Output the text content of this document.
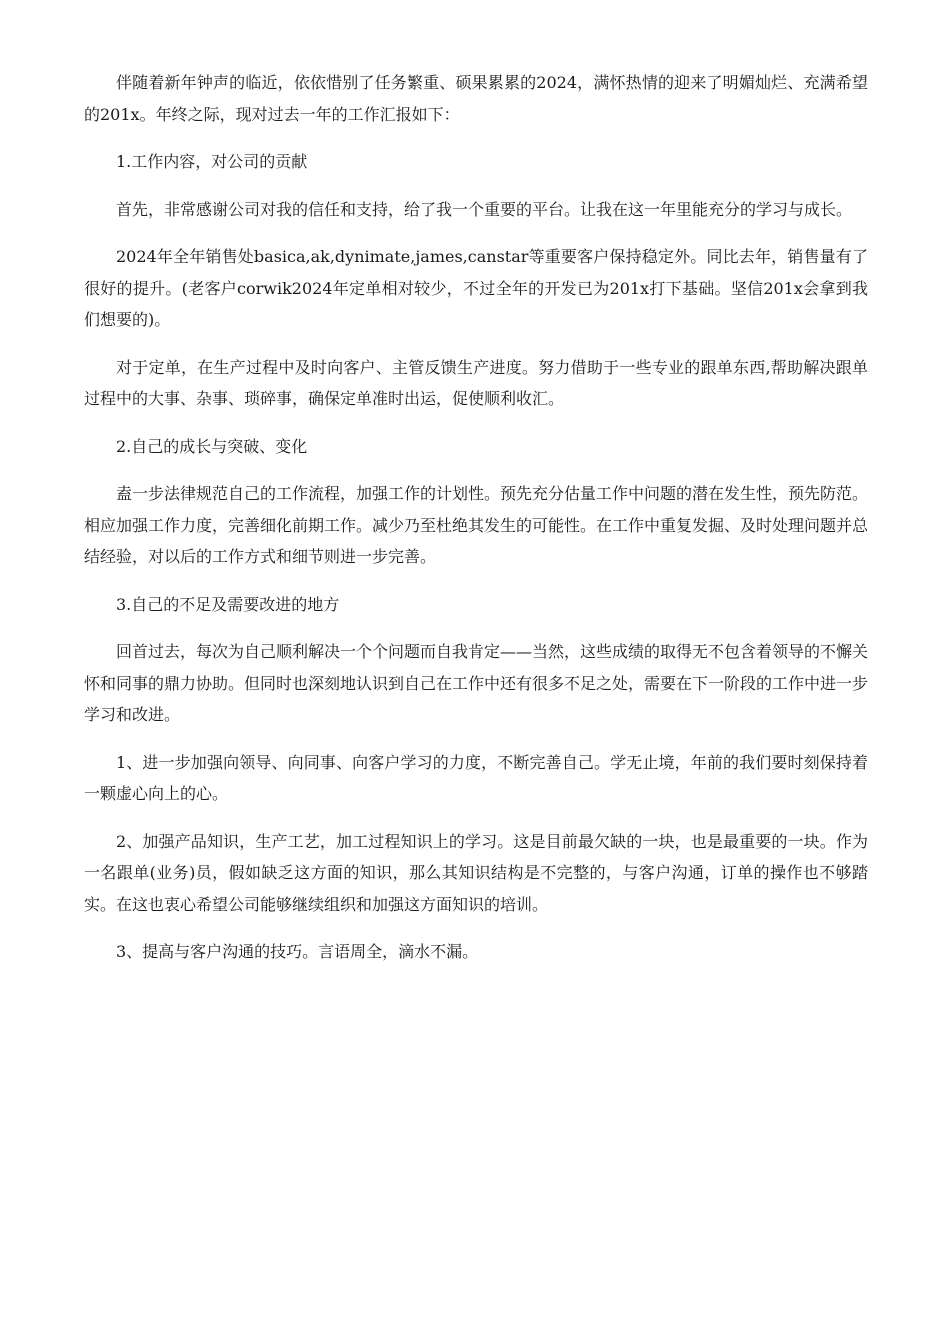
伴随着新年钟声的临近，依依惜别了任务繁重、硕果累累的2024，满怀热情的迎来了明媚灿烂、充满希望的201x。年终之际，现对过去一年的工作汇报如下：

1.工作内容，对公司的贡献

首先，非常感谢公司对我的信任和支持，给了我一个重要的平台。让我在这一年里能充分的学习与成长。

2024年全年销售处basica,ak,dynimate,james,canstar等重要客户保持稳定外。同比去年，销售量有了很好的提升。(老客户corwik2024年定单相对较少，不过全年的开发已为201x打下基础。坚信201x会拿到我们想要的)。

对于定单，在生产过程中及时向客户、主管反馈生产进度。努力借助于一些专业的跟单东西,帮助解决跟单过程中的大事、杂事、琐碎事，确保定单准时出运，促使顺利收汇。

2.自己的成长与突破、变化

盍一步法律规范自己的工作流程，加强工作的计划性。预先充分估量工作中问题的潜在发生性，预先防范。相应加强工作力度，完善细化前期工作。减少乃至杜绝其发生的可能性。在工作中重复发掘、及时处理问题并总结经验，对以后的工作方式和细节则进一步完善。

3.自己的不足及需要改进的地方

回首过去，每次为自己顺利解决一个个问题而自我肯定——当然，这些成绩的取得无不包含着领导的不懈关怀和同事的鼎力协助。但同时也深刻地认识到自己在工作中还有很多不足之处，需要在下一阶段的工作中进一步学习和改进。

1、进一步加强向领导、向同事、向客户学习的力度，不断完善自己。学无止境，年前的我们要时刻保持着一颗虚心向上的心。

2、加强产品知识，生产工艺，加工过程知识上的学习。这是目前最欠缺的一块，也是最重要的一块。作为一名跟单(业务)员，假如缺乏这方面的知识，那么其知识结构是不完整的，与客户沟通，订单的操作也不够踏实。在这也衷心希望公司能够继续组织和加强这方面知识的培训。

3、提高与客户沟通的技巧。言语周全，滴水不漏。
